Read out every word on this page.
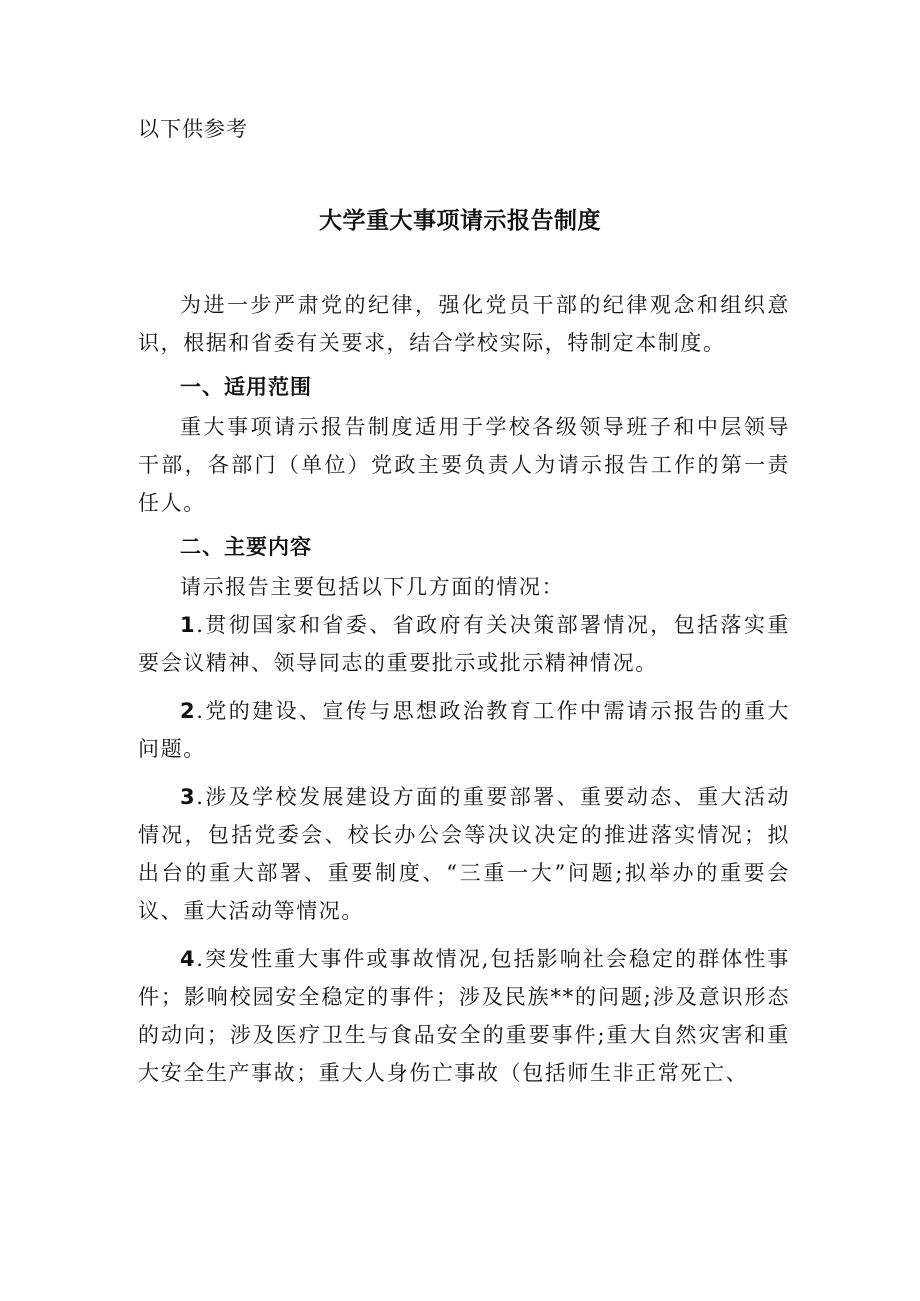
以下供参考
大学重大事项请示报告制度

为进一步严肃党的纪律，强化党员干部的纪律观念和组织意识，根据和省委有关要求，结合学校实际，特制定本制度。

一、适用范围

重大事项请示报告制度适用于学校各级领导班子和中层领导干部，各部门（单位）党政主要负责人为请示报告工作的第一责任人。

二、主要内容

请示报告主要包括以下几方面的情况：

1.贯彻国家和省委、省政府有关决策部署情况，包括落实重要会议精神、领导同志的重要批示或批示精神情况。

2.党的建设、宣传与思想政治教育工作中需请示报告的重大问题。

3.涉及学校发展建设方面的重要部署、重要动态、重大活动情况，包括党委会、校长办公会等决议决定的推进落实情况；拟出台的重大部署、重要制度、“三重一大”问题;拟举办的重要会议、重大活动等情况。

4.突发性重大事件或事故情况,包括影响社会稳定的群体性事件；影响校园安全稳定的事件；涉及民族**的问题;涉及意识形态的动向；涉及医疗卫生与食品安全的重要事件;重大自然灾害和重大安全生产事故；重大人身伤亡事故（包括师生非正常死亡、
